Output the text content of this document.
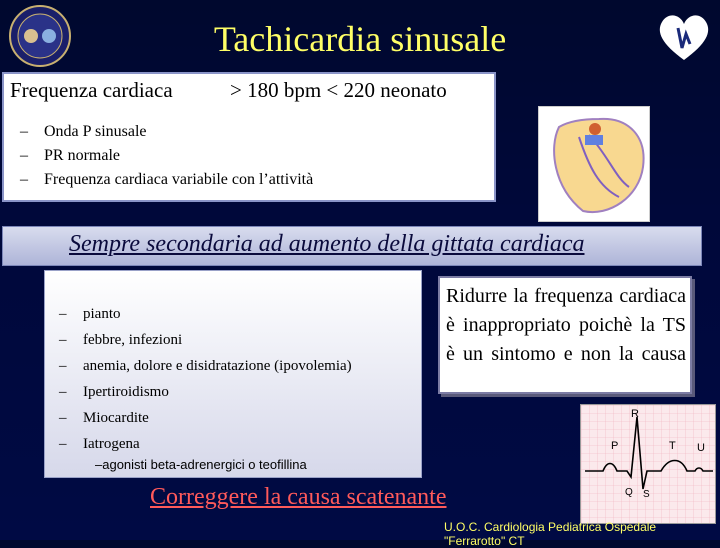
Tachicardia sinusale
Frequenza cardiaca	> 180 bpm < 220 neonato
– Onda P sinusale
– PR normale
– Frequenza cardiaca variabile con l’attività
Sempre secondaria ad aumento della gittata cardiaca
– pianto
– febbre, infezioni
– anemia, dolore e disidratazione (ipovolemia)
– Ipertiroidismo
– Miocardite
– Iatrogena
–agonisti beta-adrenergici o teofillina
Ridurre la frequenza cardiaca è inappropriato poichè la TS è un sintomo e non la causa
R
P	T U
Q S
Correggere la causa scatenante
U.O.C. Cardiologia Pediatrica Ospedale "Ferrarotto" CT
